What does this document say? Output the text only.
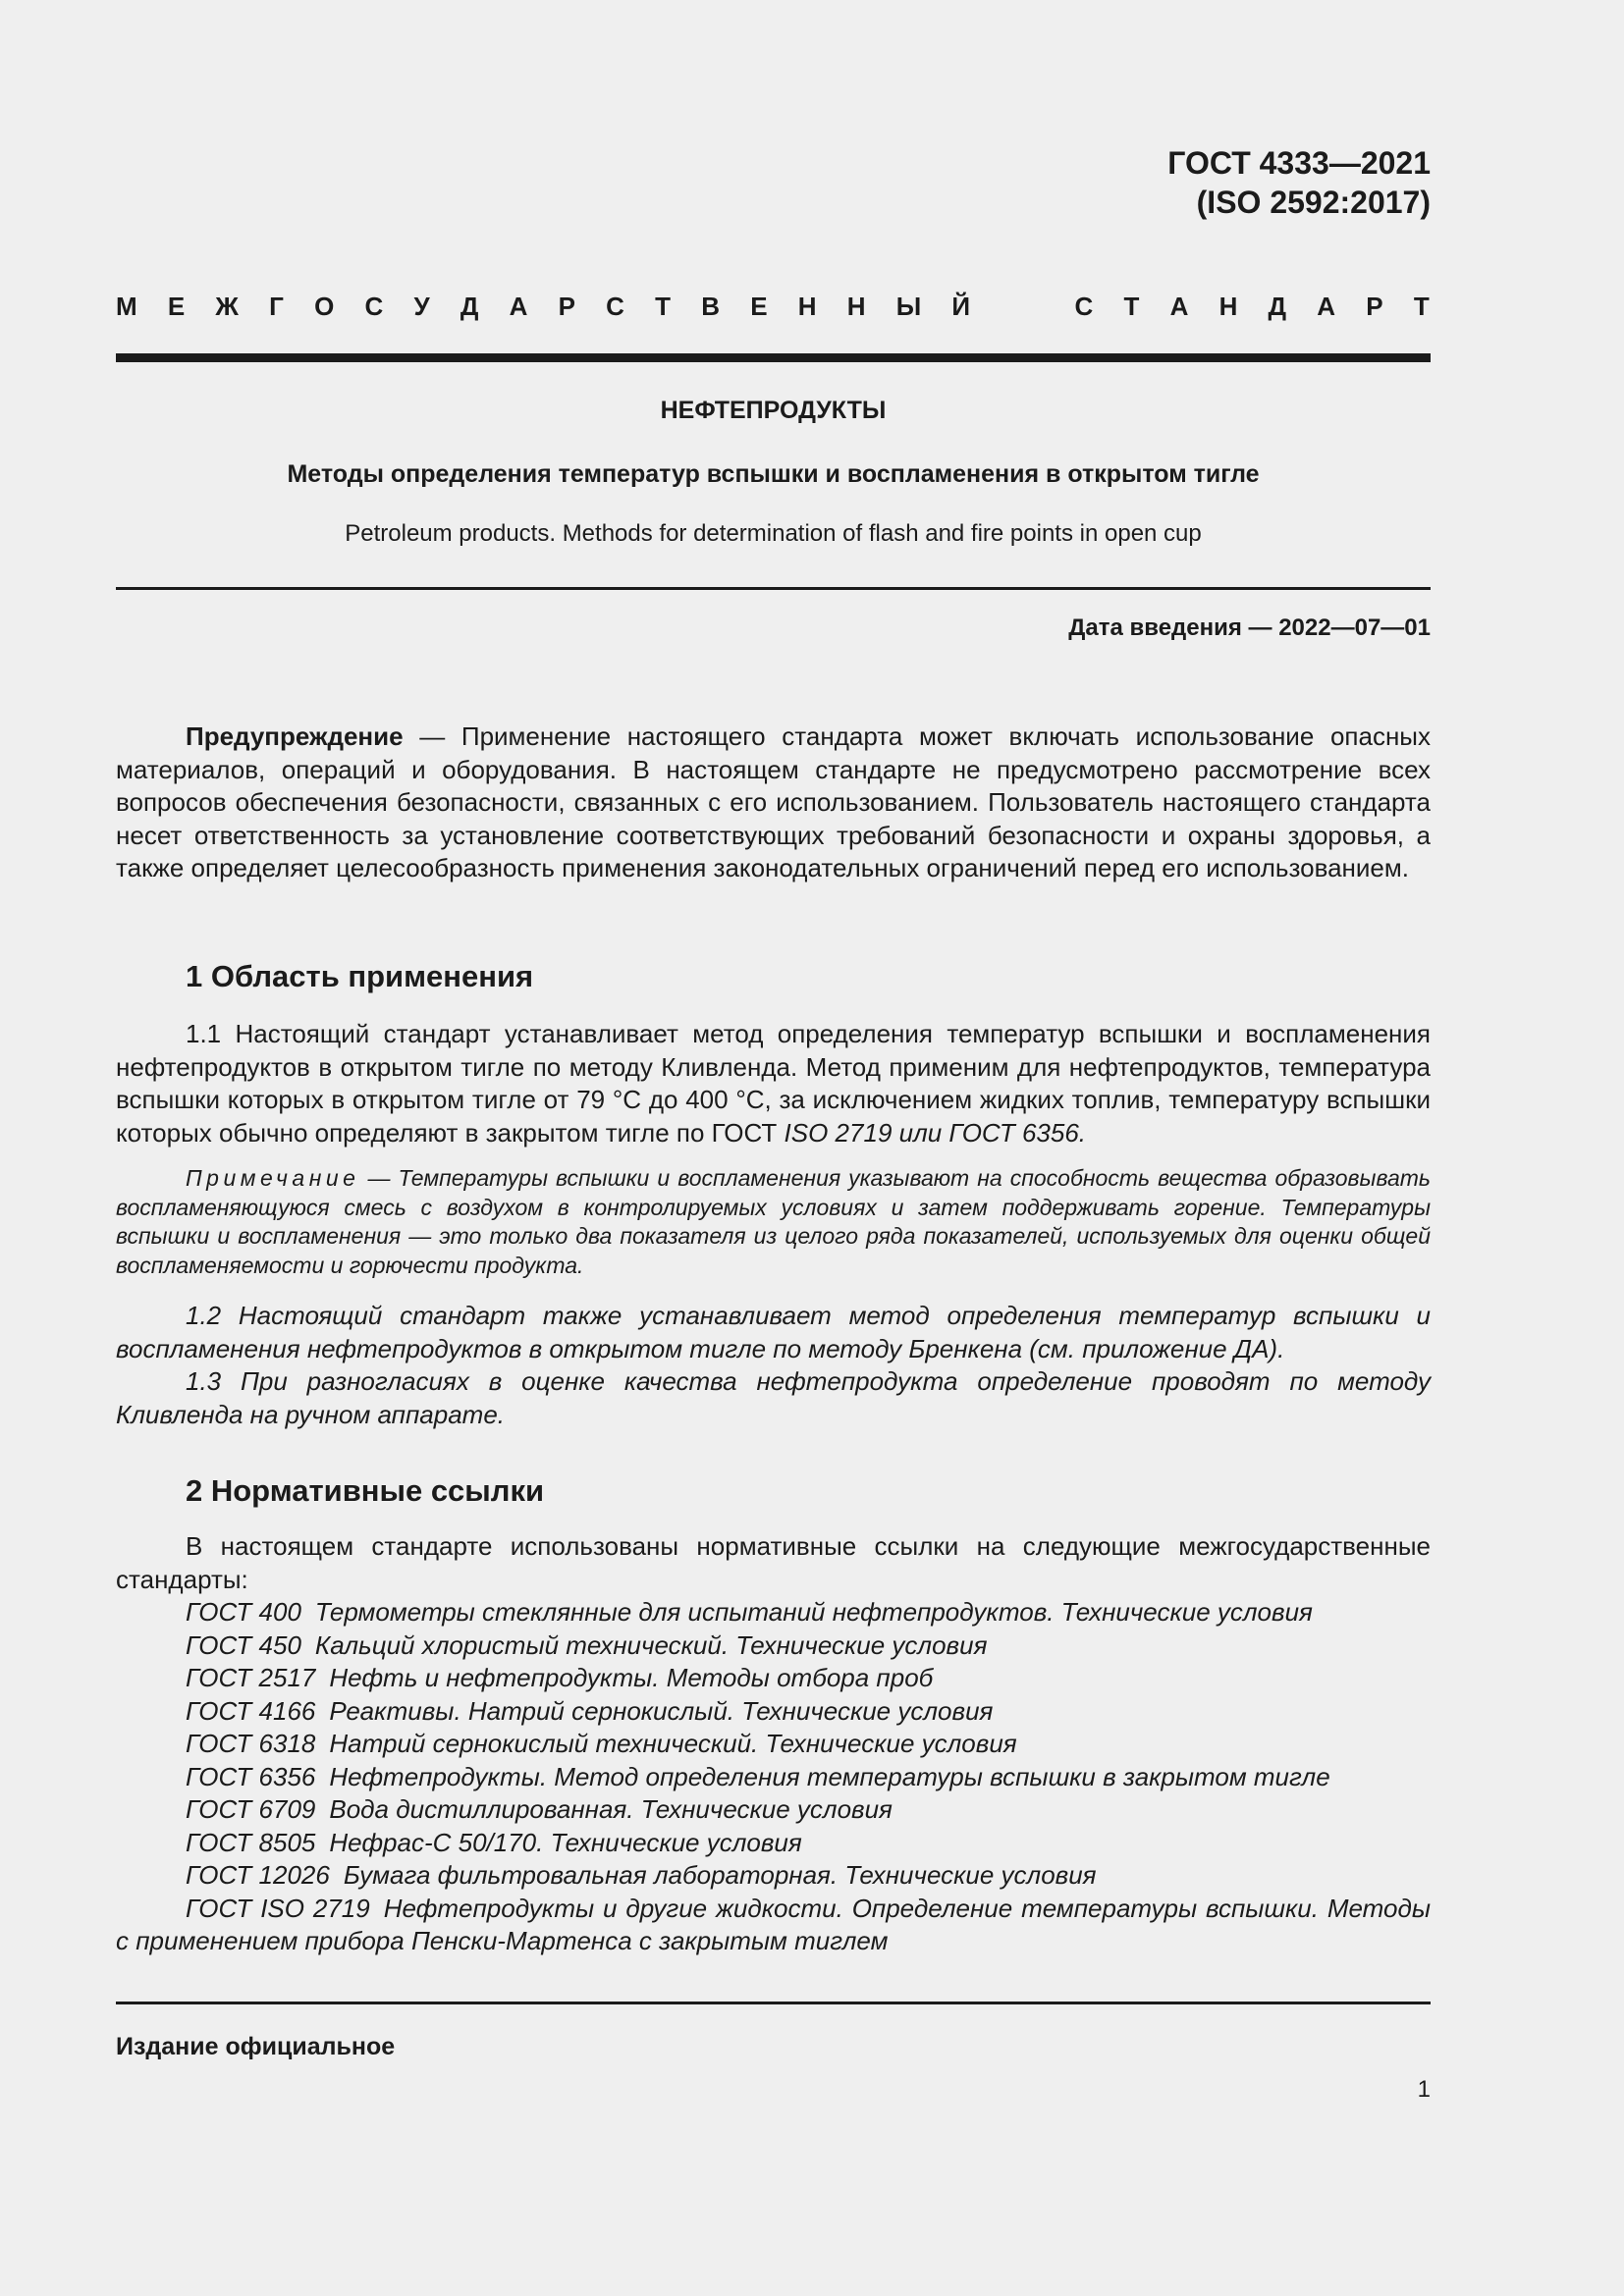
ГОСТ 4333—2021
(ISO 2592:2017)
М Е Ж Г О С У Д А Р С Т В Е Н Н Ы Й	С Т А Н Д А Р Т
НЕФТЕПРОДУКТЫ
Методы определения температур вспышки и воспламенения в открытом тигле
Petroleum products. Methods for determination of flash and fire points in open cup
Дата введения — 2022—07—01
Предупреждение — Применение настоящего стандарта может включать использование опасных материалов, операций и оборудования. В настоящем стандарте не предусмотрено рассмотрение всех вопросов обеспечения безопасности, связанных с его использованием. Пользователь настоящего стандарта несет ответственность за установление соответствующих требований безопасности и охраны здоровья, а также определяет целесообразность применения законодательных ограничений перед его использованием.
1 Область применения
1.1 Настоящий стандарт устанавливает метод определения температур вспышки и воспламенения нефтепродуктов в открытом тигле по методу Кливленда. Метод применим для нефтепродуктов, температура вспышки которых в открытом тигле от 79 °С до 400 °С, за исключением жидких топлив, температуру вспышки которых обычно определяют в закрытом тигле по ГОСТ ISO 2719 или ГОСТ 6356.
Примечание — Температуры вспышки и воспламенения указывают на способность вещества образовывать воспламеняющуюся смесь с воздухом в контролируемых условиях и затем поддерживать горение. Температуры вспышки и воспламенения — это только два показателя из целого ряда показателей, используемых для оценки общей воспламеняемости и горючести продукта.
1.2 Настоящий стандарт также устанавливает метод определения температур вспышки и воспламенения нефтепродуктов в открытом тигле по методу Бренкена (см. приложение ДА).
1.3 При разногласиях в оценке качества нефтепродукта определение проводят по методу Кливленда на ручном аппарате.
2 Нормативные ссылки
В настоящем стандарте использованы нормативные ссылки на следующие межгосударственные стандарты:
ГОСТ 400 Термометры стеклянные для испытаний нефтепродуктов. Технические условия
ГОСТ 450 Кальций хлористый технический. Технические условия
ГОСТ 2517 Нефть и нефтепродукты. Методы отбора проб
ГОСТ 4166 Реактивы. Натрий сернокислый. Технические условия
ГОСТ 6318 Натрий сернокислый технический. Технические условия
ГОСТ 6356 Нефтепродукты. Метод определения температуры вспышки в закрытом тигле
ГОСТ 6709 Вода дистиллированная. Технические условия
ГОСТ 8505 Нефрас-С 50/170. Технические условия
ГОСТ 12026 Бумага фильтровальная лабораторная. Технические условия
ГОСТ ISO 2719 Нефтепродукты и другие жидкости. Определение температуры вспышки. Методы с применением прибора Пенски-Мартенса с закрытым тиглем
Издание официальное
1
